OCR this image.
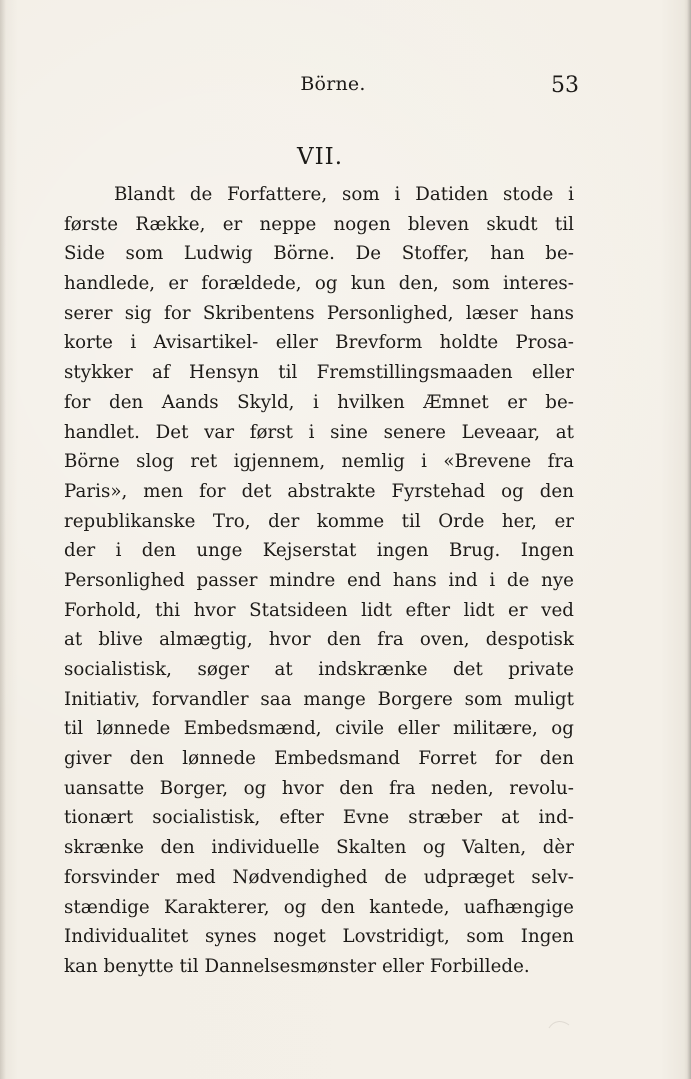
Börne.	53
VII.
Blandt de Forfattere, som i Datiden stode i
første Række, er neppe nogen bleven skudt til
Side som Ludwig Börne. De Stoffer, han be-
handlede, er forældede, og kun den, som interes-
serer sig for Skribentens Personlighed, læser hans
korte i Avisartikel- eller Brevform holdte Prosa-
stykker af Hensyn til Fremstillingsmaaden eller
for den Aands Skyld, i hvilken Æmnet er be-
handlet. Det var først i sine senere Leveaar, at
Börne slog ret igjennem, nemlig i «Brevene fra
Paris», men for det abstrakte Fyrstehad og den
republikanske Tro, der komme til Orde her, er
der i den unge Kejserstat ingen Brug. Ingen
Personlighed passer mindre end hans ind i de nye
Forhold, thi hvor Statsideen lidt efter lidt er ved
at blive almægtig, hvor den fra oven, despotisk
socialistisk, søger at indskrænke det private
Initiativ, forvandler saa mange Borgere som muligt
til lønnede Embedsmænd, civile eller militære, og
giver den lønnede Embedsmand Forret for den
uansatte Borger, og hvor den fra neden, revolu-
tionært socialistisk, efter Evne stræber at ind-
skrænke den individuelle Skalten og Valten, dèr
forsvinder med Nødvendighed de udpræget selv-
stændige Karakterer, og den kantede, uafhængige
Individualitet synes noget Lovstridigt, som Ingen
kan benytte til Dannelsesmønster eller Forbillede.
